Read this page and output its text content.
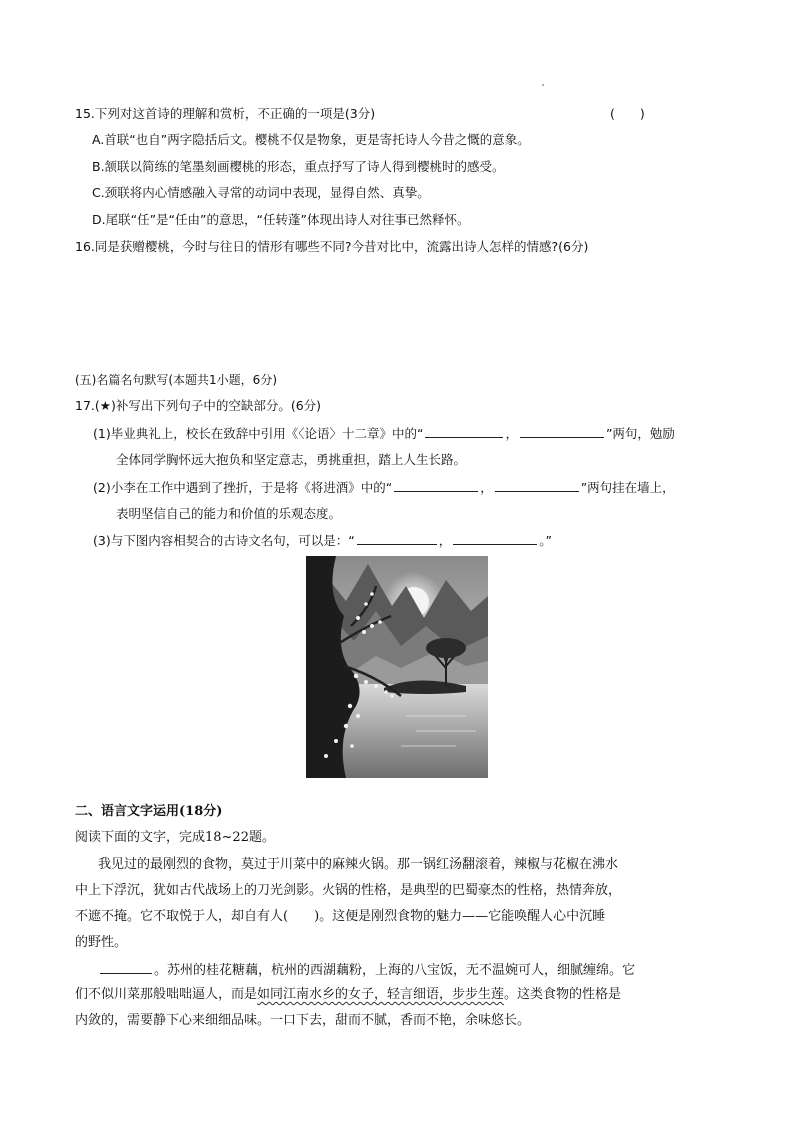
15.下列对这首诗的理解和赏析，不正确的一项是(3分)	(　　)
A.首联“也自”两字隐括后文。樱桃不仅是物象，更是寄托诗人今昔之慨的意象。
B.颔联以简练的笔墨刻画樱桃的形态，重点抒写了诗人得到樱桃时的感受。
C.颈联将内心情感融入寻常的动词中表现，显得自然、真挚。
D.尾联“任”是“任由”的意思，“任转蓬”体现出诗人对往事已然释怀。
16.同是获赠樱桃，今时与往日的情形有哪些不同?今昔对比中，流露出诗人怎样的情感?(6分)
(五)名篇名句默写(本题共1小题，6分)
17.(★)补写出下列句子中的空缺部分。(6分)
(1)毕业典礼上，校长在致辞中引用《〈论语〉十二章》中的“	，	”两句，勉励
全体同学胸怀远大抱负和坚定意志，勇挑重担，踏上人生长路。
(2)小李在工作中遇到了挫折，于是将《将进酒》中的“	，	”两句挂在墙上，
表明坚信自己的能力和价值的乐观态度。
(3)与下图内容相契合的古诗文名句，可以是：“	，	。”
二、语言文字运用(18分)
阅读下面的文字，完成18~22题。
我见过的最刚烈的食物，莫过于川菜中的麻辣火锅。那一锅红汤翻滚着，辣椒与花椒在沸水
中上下浮沉，犹如古代战场上的刀光剑影。火锅的性格，是典型的巴蜀豪杰的性格，热情奔放，
不遮不掩。它不取悦于人，却自有人(　　)。这便是刚烈食物的魅力——它能唤醒人心中沉睡
的野性。
。苏州的桂花糖藕，杭州的西湖藕粉，上海的八宝饭，无不温婉可人，细腻缠绵。它
们不似川菜那般咄咄逼人，而是如同江南水乡的女子，轻言细语，步步生莲。这类食物的性格是
内敛的，需要静下心来细细品味。一口下去，甜而不腻，香而不艳，余味悠长。
